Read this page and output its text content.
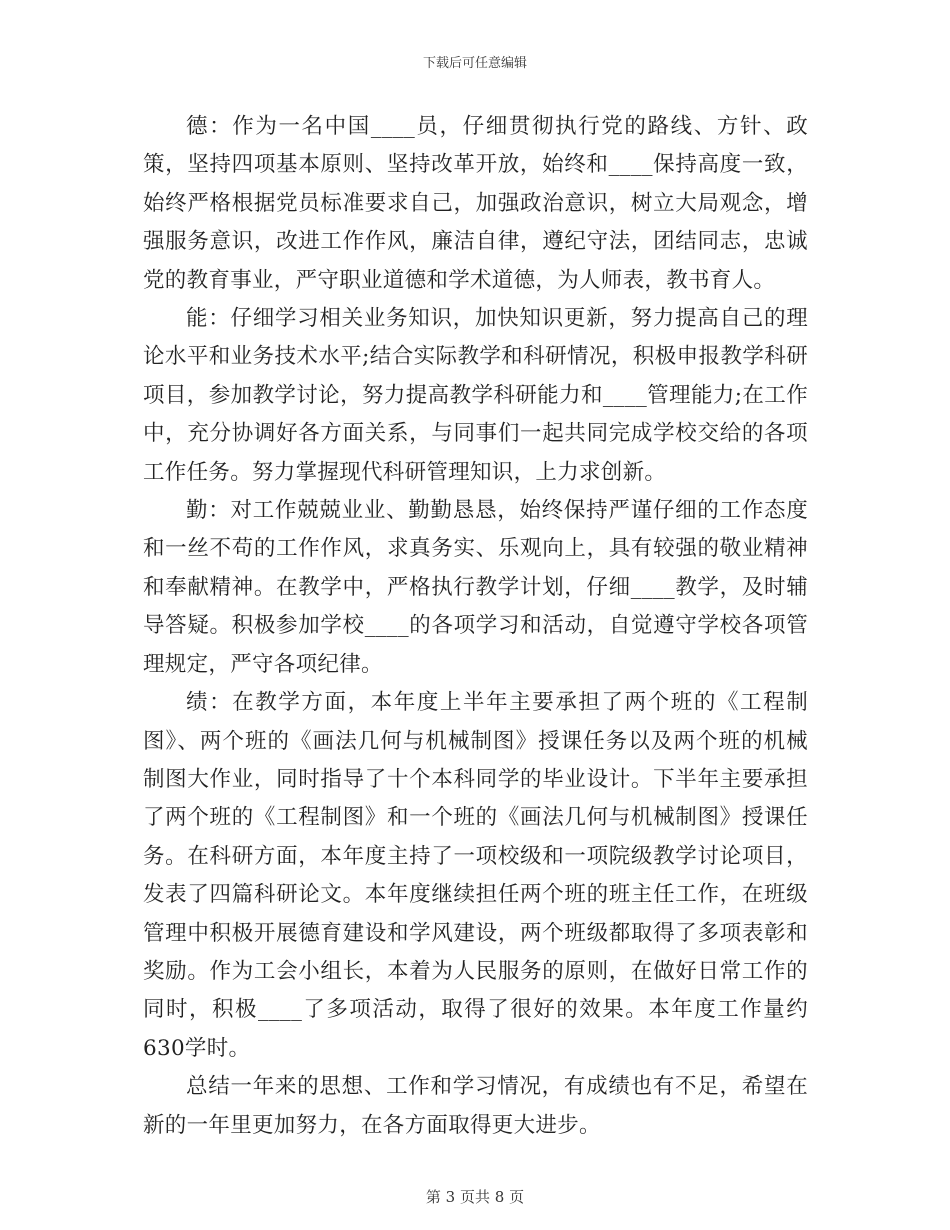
下载后可任意编辑

德：作为一名中国____员，仔细贯彻执行党的路线、方针、政策，坚持四项基本原则、坚持改革开放，始终和____保持高度一致，始终严格根据党员标准要求自己，加强政治意识，树立大局观念，增强服务意识，改进工作作风，廉洁自律，遵纪守法，团结同志，忠诚党的教育事业，严守职业道德和学术道德，为人师表，教书育人。

能：仔细学习相关业务知识，加快知识更新，努力提高自己的理论水平和业务技术水平;结合实际教学和科研情况，积极申报教学科研项目，参加教学讨论，努力提高教学科研能力和____管理能力;在工作中，充分协调好各方面关系，与同事们一起共同完成学校交给的各项工作任务。努力掌握现代科研管理知识，上力求创新。

勤：对工作兢兢业业、勤勤恳恳，始终保持严谨仔细的工作态度和一丝不苟的工作作风，求真务实、乐观向上，具有较强的敬业精神和奉献精神。在教学中，严格执行教学计划，仔细____教学，及时辅导答疑。积极参加学校____的各项学习和活动，自觉遵守学校各项管理规定，严守各项纪律。

绩：在教学方面，本年度上半年主要承担了两个班的《工程制图》、两个班的《画法几何与机械制图》授课任务以及两个班的机械制图大作业，同时指导了十个本科同学的毕业设计。下半年主要承担了两个班的《工程制图》和一个班的《画法几何与机械制图》授课任务。在科研方面，本年度主持了一项校级和一项院级教学讨论项目，发表了四篇科研论文。本年度继续担任两个班的班主任工作，在班级管理中积极开展德育建设和学风建设，两个班级都取得了多项表彰和奖励。作为工会小组长，本着为人民服务的原则，在做好日常工作的同时，积极____了多项活动，取得了很好的效果。本年度工作量约630学时。

总结一年来的思想、工作和学习情况，有成绩也有不足，希望在新的一年里更加努力，在各方面取得更大进步。

第 3 页共 8 页
